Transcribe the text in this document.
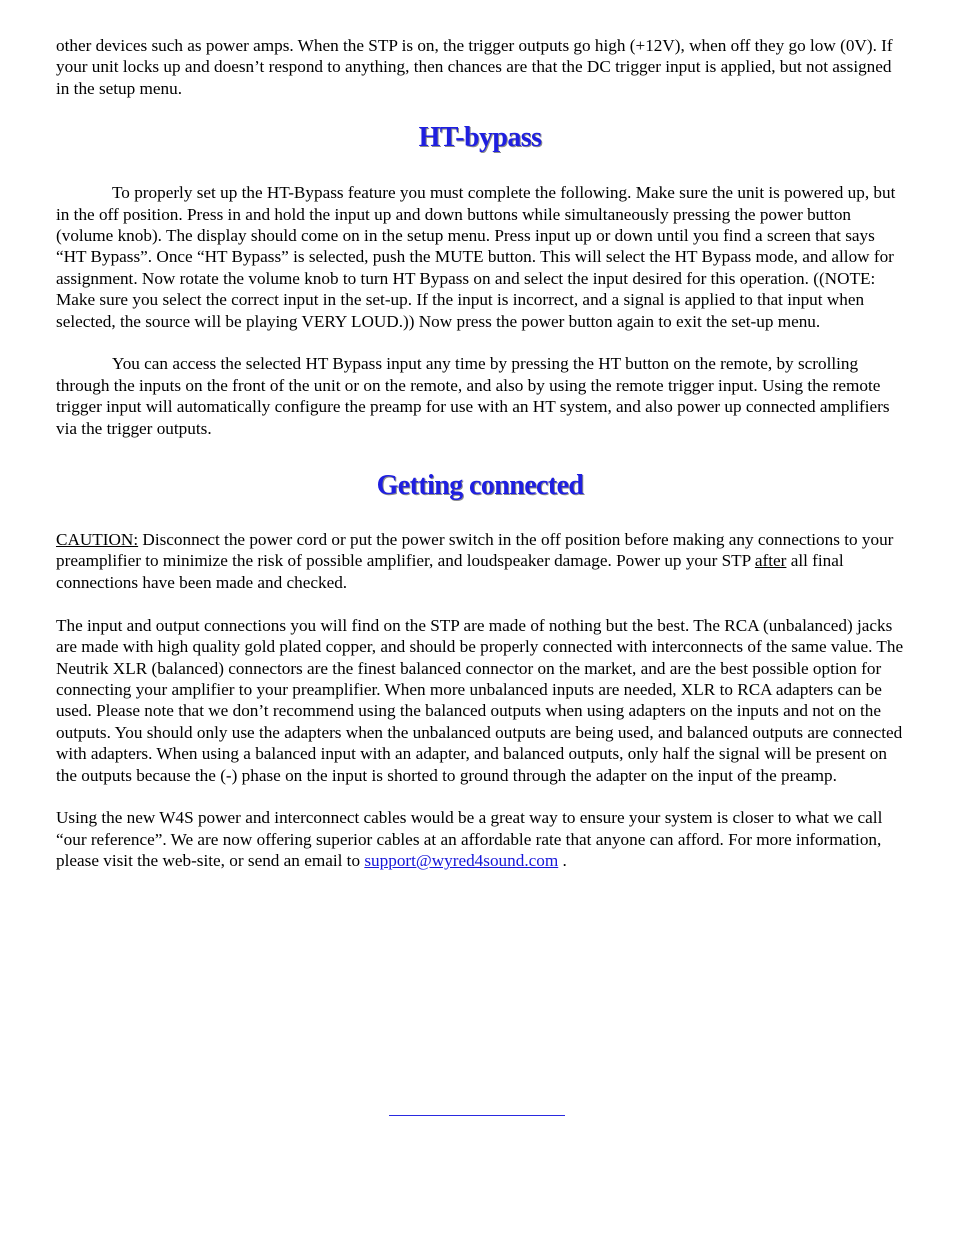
other devices such as power amps. When the STP is on, the trigger outputs go high (+12V), when off they go low (0V). If your unit locks up and doesn’t respond to anything, then chances are that the DC trigger input is applied, but not assigned in the setup menu.

HT-bypass

To properly set up the HT-Bypass feature you must complete the following. Make sure the unit is powered up, but in the off position. Press in and hold the input up and down buttons while simultaneously pressing the power button (volume knob). The display should come on in the setup menu. Press input up or down until you find a screen that says “HT Bypass”. Once “HT Bypass” is selected, push the MUTE button. This will select the HT Bypass mode, and allow for assignment. Now rotate the volume knob to turn HT Bypass on and select the input desired for this operation. ((NOTE: Make sure you select the correct input in the set-up. If the input is incorrect, and a signal is applied to that input when selected, the source will be playing VERY LOUD.)) Now press the power button again to exit the set-up menu.

You can access the selected HT Bypass input any time by pressing the HT button on the remote, by scrolling through the inputs on the front of the unit or on the remote, and also by using the remote trigger input. Using the remote trigger input will automatically configure the preamp for use with an HT system, and also power up connected amplifiers via the trigger outputs.

Getting connected

CAUTION: Disconnect the power cord or put the power switch in the off position before making any connections to your preamplifier to minimize the risk of possible amplifier, and loudspeaker damage. Power up your STP after all final connections have been made and checked.

The input and output connections you will find on the STP are made of nothing but the best. The RCA (unbalanced) jacks are made with high quality gold plated copper, and should be properly connected with interconnects of the same value. The Neutrik XLR (balanced) connectors are the finest balanced connector on the market, and are the best possible option for connecting your amplifier to your preamplifier. When more unbalanced inputs are needed, XLR to RCA adapters can be used. Please note that we don’t recommend using the balanced outputs when using adapters on the inputs and not on the outputs. You should only use the adapters when the unbalanced outputs are being used, and balanced outputs are connected with adapters. When using a balanced input with an adapter, and balanced outputs, only half the signal will be present on the outputs because the (-) phase on the input is shorted to ground through the adapter on the input of the preamp.

Using the new W4S power and interconnect cables would be a great way to ensure your system is closer to what we call “our reference”. We are now offering superior cables at an affordable rate that anyone can afford. For more information, please visit the web-site, or send an email to support@wyred4sound.com .
